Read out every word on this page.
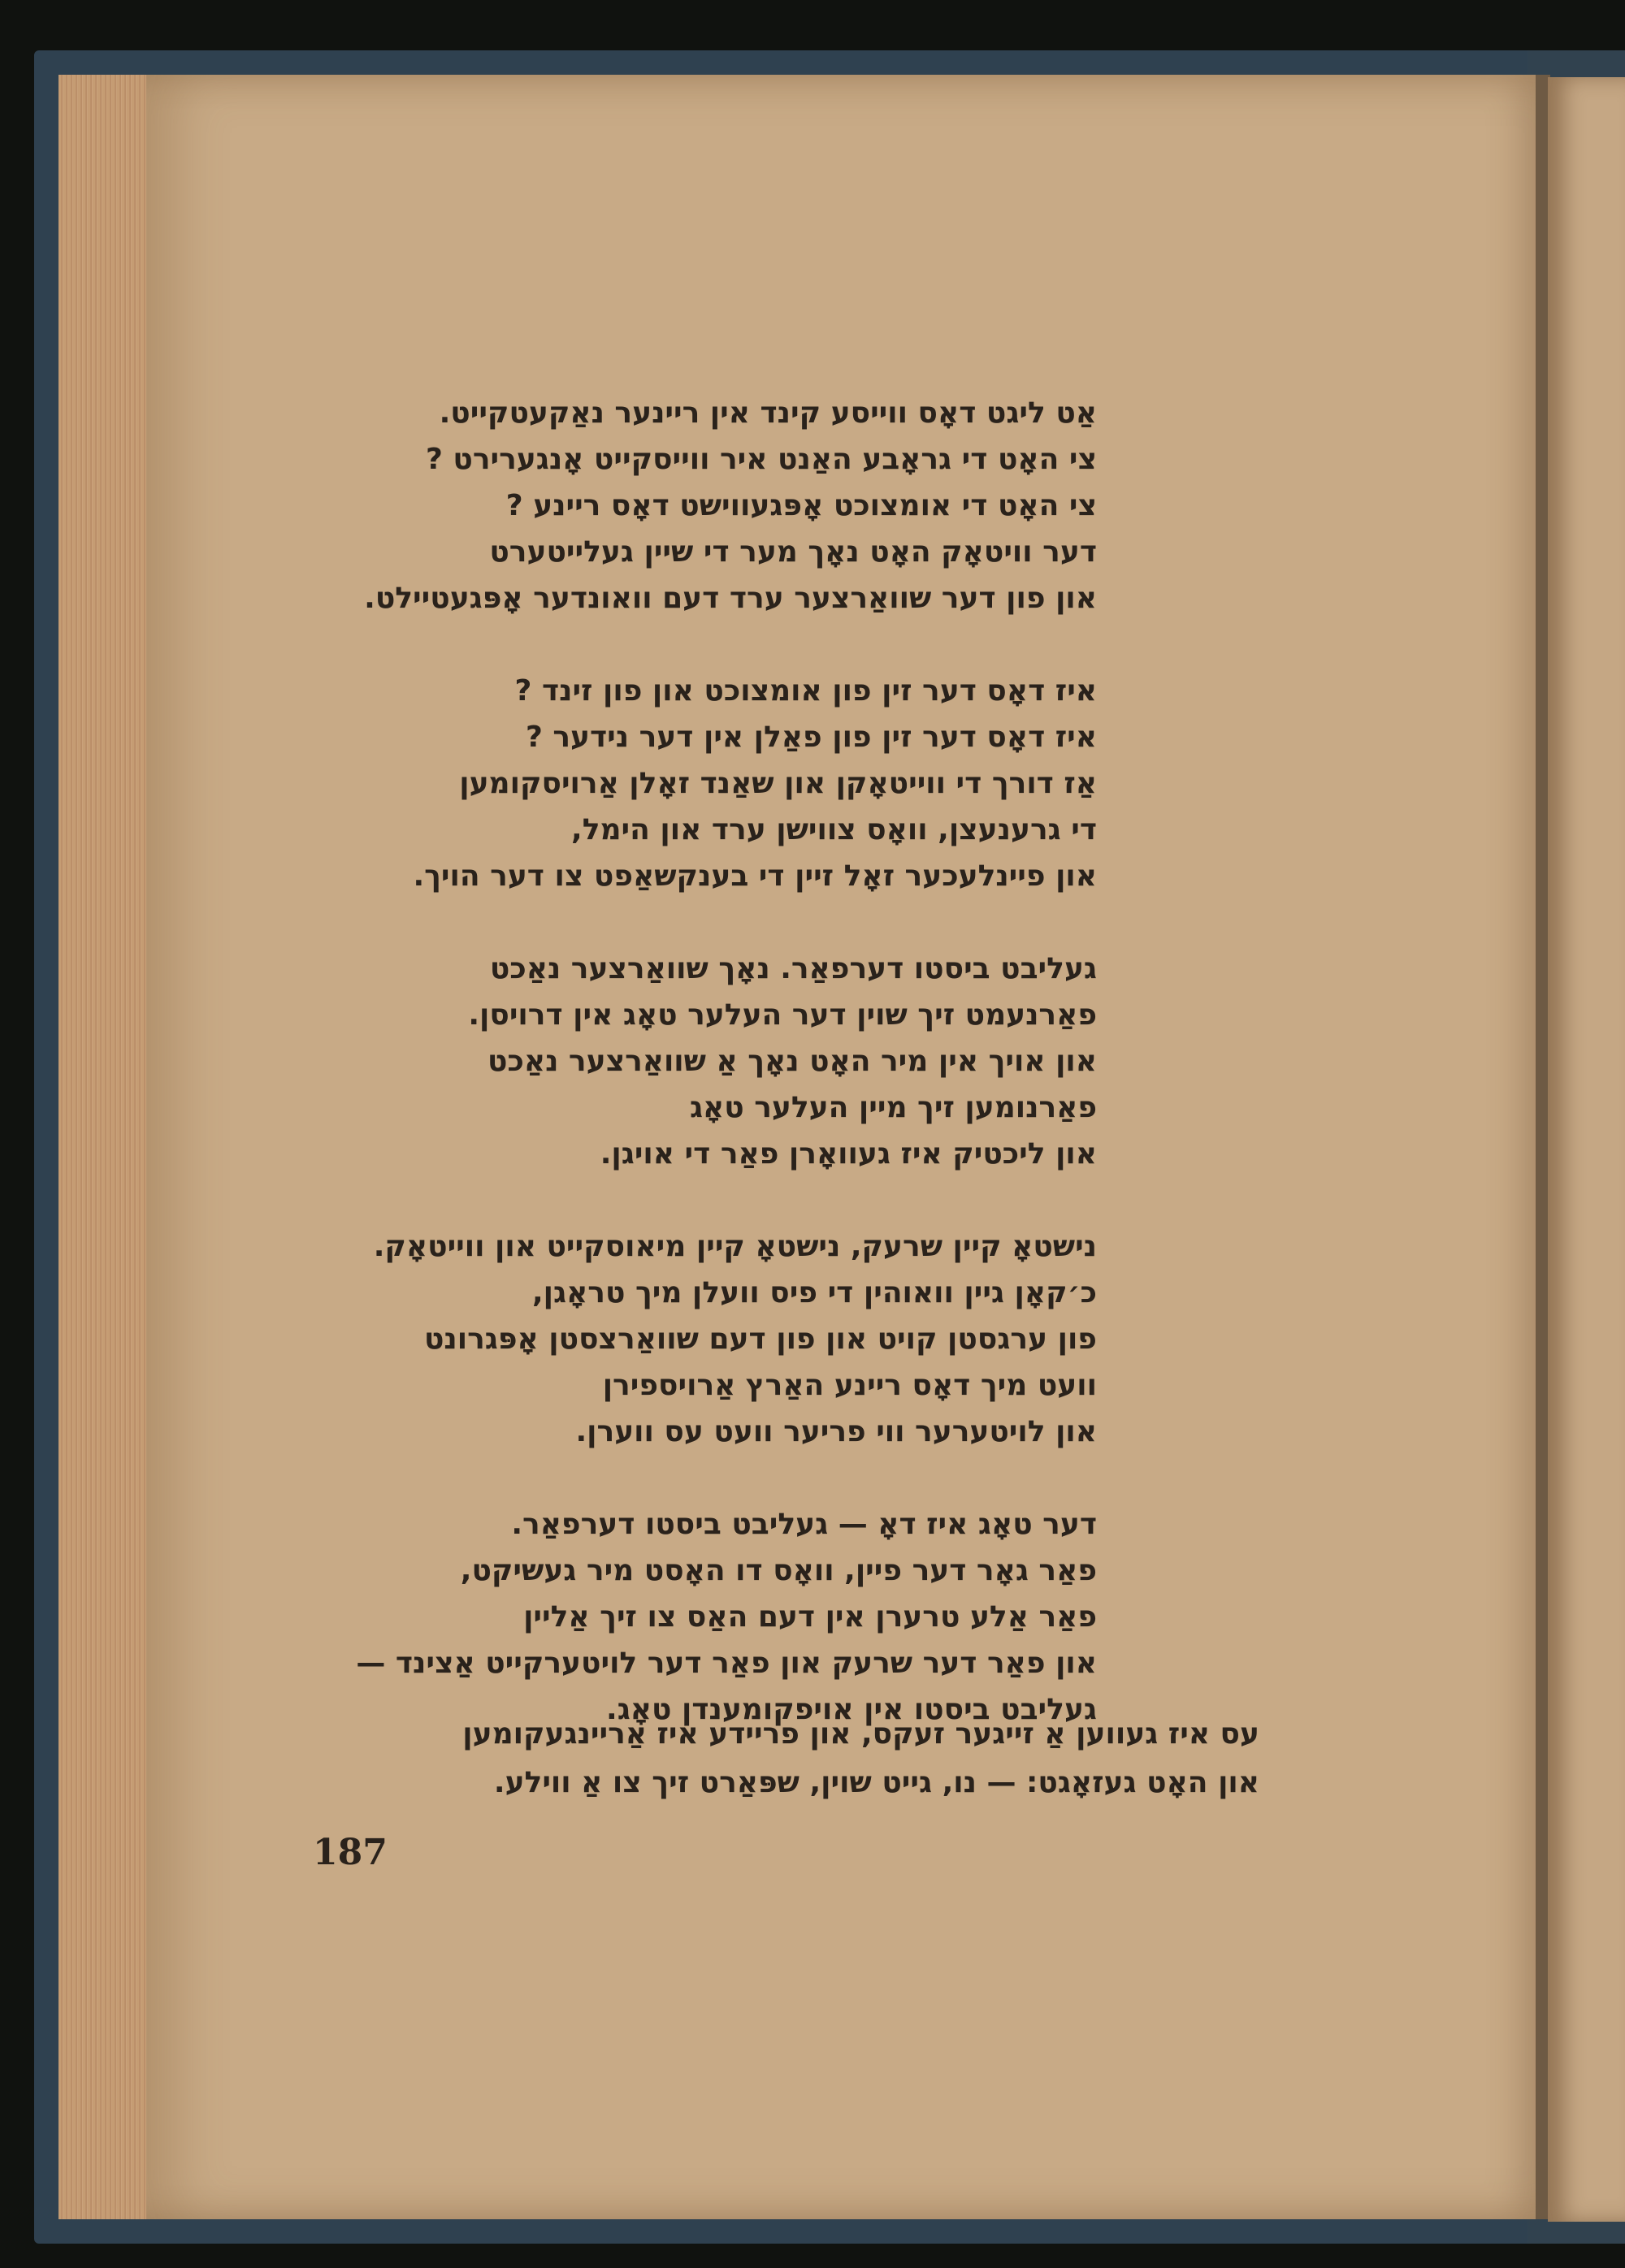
אַט ליגט דאָס ווייסע קינד אין ריינער נאַקעטקייט.
צי האָט די גראָבע האַנט איר ווייסקייט אָנגערירט ?
צי האָט די אומצוכט אָפּגעווישט דאָס ריינע ?
דער וויטאָק האָט נאָך מער די שיין געלייטערט
און פון דער שוואַרצער ערד דעם וואונדער אָפּגעטיילט.
איז דאָס דער זין פון אומצוכט און פון זינד ?
איז דאָס דער זין פון פאַלן אין דער נידער ?
אַז דורך די ווייטאָקן און שאַנד זאָלן אַרויסקומען
די גרענעצן, וואָס צווישן ערד און הימל,
און פיינלעכער זאָל זיין די בענקשאַפט צו דער הויך.
געליבט ביסטו דערפאַר. נאָך שוואַרצער נאַכט
פאַרנעמט זיך שוין דער העלער טאָג אין דרויסן.
און אויך אין מיר האָט נאָך אַ שוואַרצער נאַכט
פאַרנומען זיך מיין העלער טאָג
און ליכטיק איז געוואָרן פאַר די אויגן.
נישטאָ קיין שרעק, נישטאָ קיין מיאוסקייט און ווייטאָק.
כ׳קאָן גיין וואוהין די פיס וועלן מיך טראָגן,
פון ערגסטן קויט און פון דעם שוואַרצסטן אָפּגרונט
וועט מיך דאָס ריינע האַרץ אַרויספירן
און לויטערער ווי פריער וועט עס ווערן.
דער טאָג איז דאָ — געליבט ביסטו דערפאַר.
פאַר גאָר דער פיין, וואָס דו האָסט מיר געשיקט,
פאַר אַלע טרערן אין דעם האַס צו זיך אַליין
און פאַר דער שרעק און פאַר דער לויטערקייט אַצינד —
געליבט ביסטו אין אויפקומענדן טאָג.
עס איז געווען אַ זייגער זעקס, און פריידע איז אַריינגעקומען
און האָט געזאָגט: — נו, גייט שוין, שפּאַרט זיך צו אַ ווילע.
187
